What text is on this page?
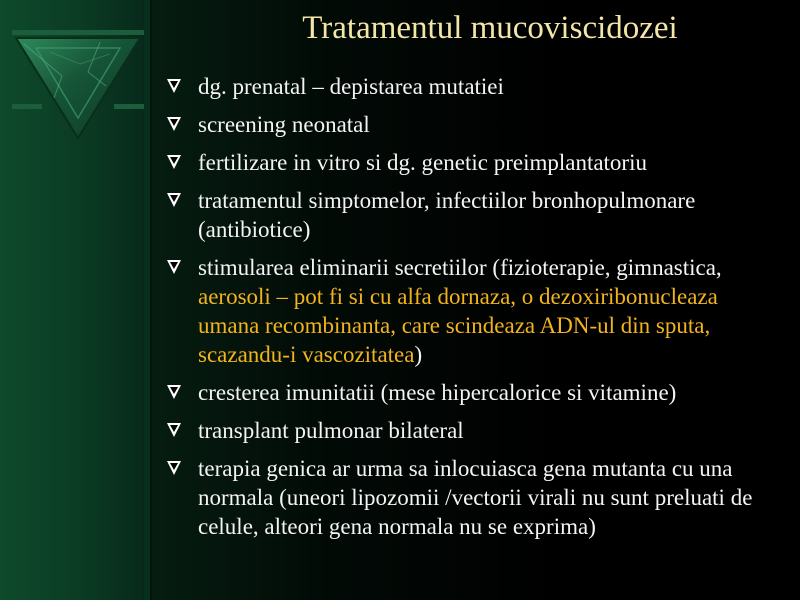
Tratamentul mucoviscidozei
dg. prenatal – depistarea mutatiei
screening neonatal
fertilizare in vitro si dg. genetic preimplantatoriu
tratamentul simptomelor, infectiilor bronhopulmonare (antibiotice)
stimularea eliminarii secretiilor (fizioterapie, gimnastica, aerosoli – pot fi si cu alfa dornaza, o dezoxiribonucleaza umana recombinanta, care scindeaza ADN-ul din sputa, scazandu-i vascozitatea)
cresterea imunitatii (mese hipercalorice si vitamine)
transplant pulmonar bilateral
terapia genica ar urma sa inlocuiasca gena mutanta cu una normala (uneori lipozomii /vectorii virali nu sunt preluati de celule, alteori gena normala nu se exprima)
